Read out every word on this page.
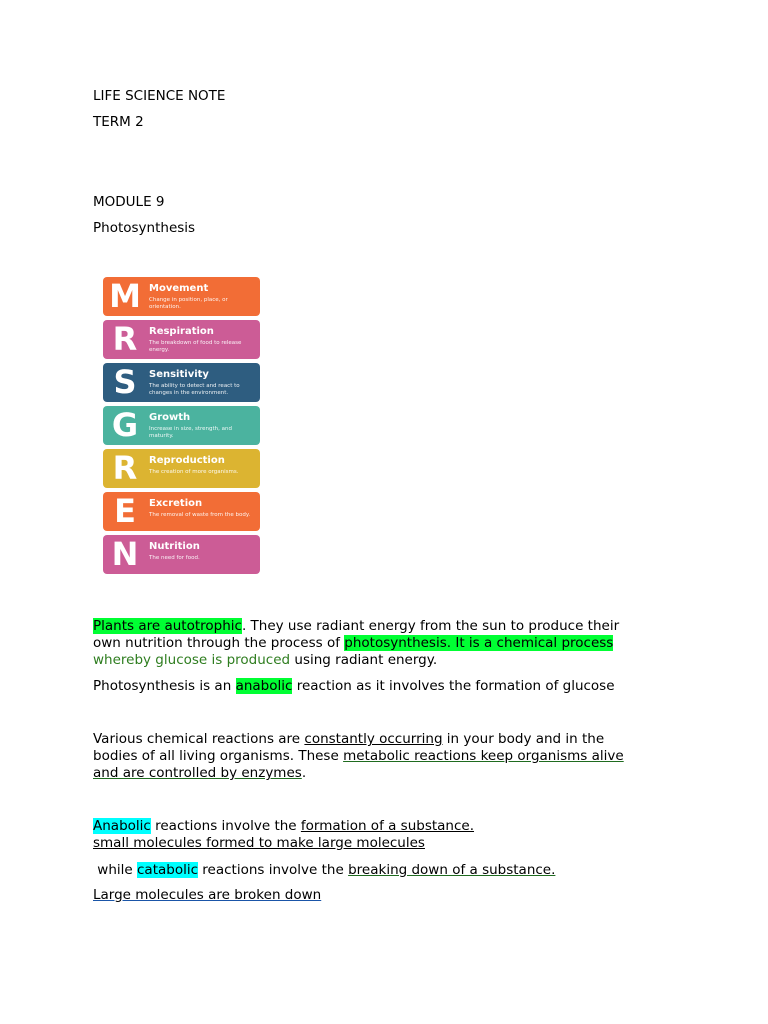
LIFE SCIENCE NOTE
TERM 2
MODULE 9
Photosynthesis
M Movement
Change in position, place, or orientation.
R	Respiration
The breakdown of food to release energy.
S	Sensitivity
The ability to detect and react to changes in the environment.
G Growth
Increase in size, strength, and maturity.
R	Reproduction
The creation of more organisms.
E	Excretion
The removal of waste from the body.
N Nutrition
The need for food.
Plants are autotrophic. They use radiant energy from the sun to produce their
own nutrition through the process of photosynthesis. It is a chemical process
whereby glucose is produced using radiant energy.
Photosynthesis is an anabolic reaction as it involves the formation of glucose
Various chemical reactions are constantly occurring in your body and in the
bodies of all living organisms. These metabolic reactions keep organisms alive
and are controlled by enzymes.
Anabolic reactions involve the formation of a substance.
small molecules formed to make large molecules
while catabolic reactions involve the breaking down of a substance.
Large molecules are broken down
